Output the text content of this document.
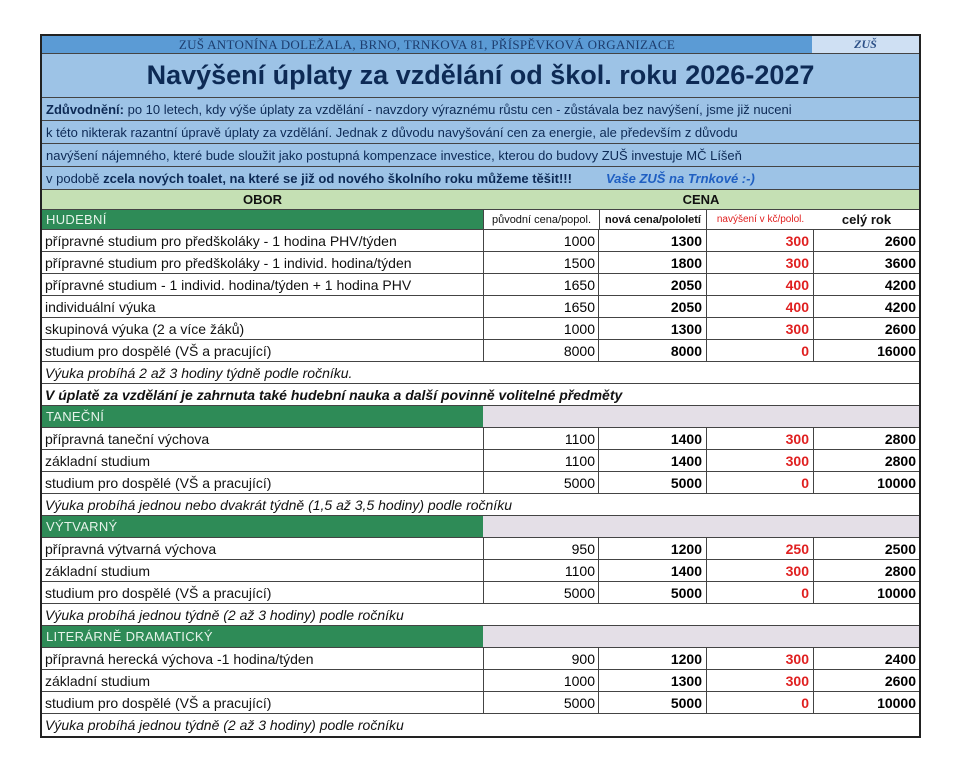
ZUŠ ANTONÍNA DOLEŽALA, BRNO, TRNKOVA 81, PŘÍSPĚVKOVÁ ORGANIZACE	ZUŠ
Navýšení úplaty za vzdělání od škol. roku 2026-2027
Zdůvodnění: po 10 letech, kdy výše úplaty za vzdělání - navzdory výraznému růstu cen - zůstávala bez navýšení, jsme již nuceni
k této nikterak razantní úpravě úplaty za vzdělání. Jednak z důvodu navyšování cen za energie, ale především z důvodu
navýšení nájemného, které bude sloužit jako postupná kompenzace investice, kterou do budovy ZUŠ investuje MČ Líšeň
v podobě zcela nových toalet, na které se již od nového školního roku můžeme těšit!!!	Vaše ZUŠ na Trnkové :-)
OBOR	CENA
HUDEBNÍ	původní cena/popol.	nová cena/pololetí	navýšení v kč/polol.	celý rok
přípravné studium pro předškoláky - 1 hodina PHV/týden	1000	1300	300	2600
přípravné studium pro předškoláky - 1 individ. hodina/týden	1500	1800	300	3600
přípravné studium - 1 individ. hodina/týden + 1 hodina PHV	1650	2050	400	4200
individuální výuka	1650	2050	400	4200
skupinová výuka (2 a více žáků)	1000	1300	300	2600
studium pro dospělé (VŠ a pracující)	8000	8000	0	16000
Výuka probíhá 2 až 3 hodiny týdně podle ročníku.
V úplatě za vzdělání je zahrnuta také hudební nauka a další povinně volitelné předměty
TANEČNÍ
přípravná taneční výchova	1100	1400	300	2800
základní studium	1100	1400	300	2800
studium pro dospělé (VŠ a pracující)	5000	5000	0	10000
Výuka probíhá jednou nebo dvakrát týdně (1,5 až 3,5 hodiny) podle ročníku
VÝTVARNÝ
přípravná výtvarná výchova	950	1200	250	2500
základní studium	1100	1400	300	2800
studium pro dospělé (VŠ a pracující)	5000	5000	0	10000
Výuka probíhá jednou týdně (2 až 3 hodiny) podle ročníku
LITERÁRNĚ DRAMATICKÝ
přípravná herecká výchova -1 hodina/týden	900	1200	300	2400
základní studium	1000	1300	300	2600
studium pro dospělé (VŠ a pracující)	5000	5000	0	10000
Výuka probíhá jednou týdně (2 až 3 hodiny) podle ročníku
